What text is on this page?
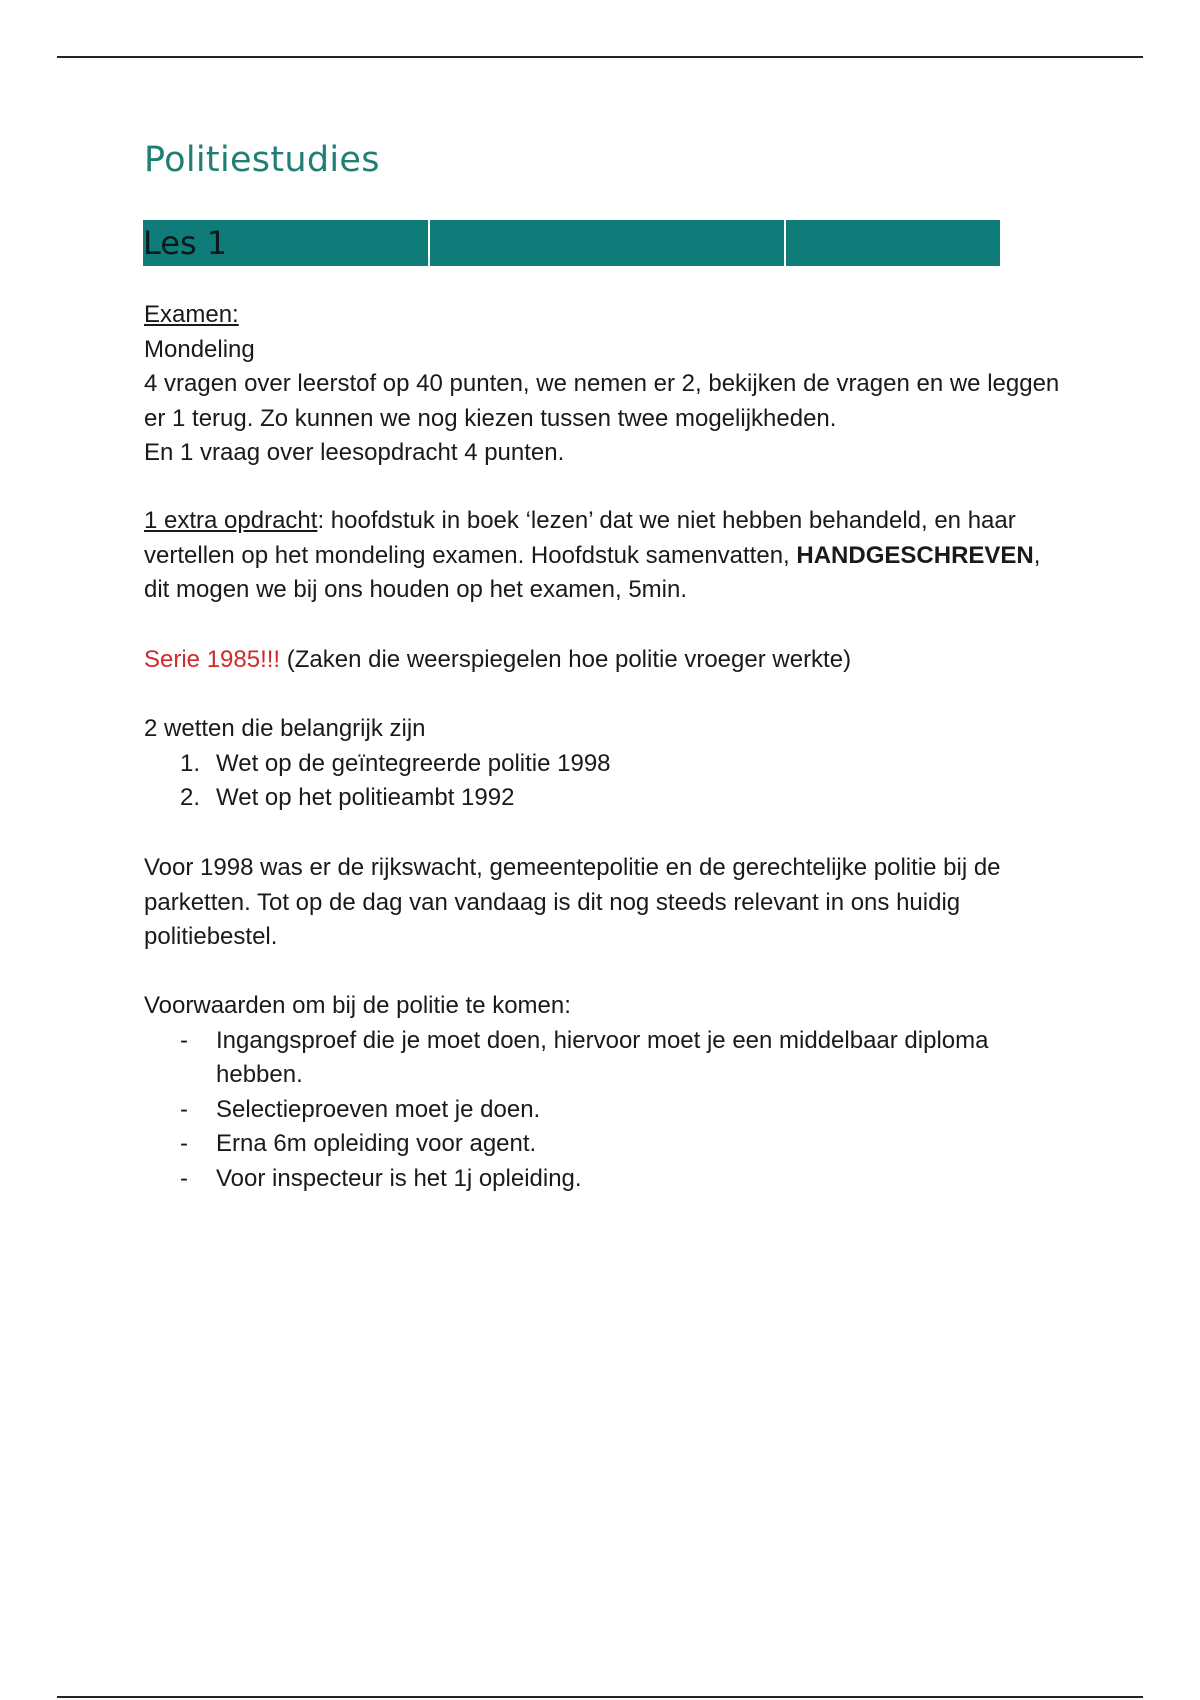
Politiestudies
Les 1

Examen:

Mondeling

4 vragen over leerstof op 40 punten, we nemen er 2, bekijken de vragen en we leggen er 1 terug. Zo kunnen we nog kiezen tussen twee mogelijkheden.

En 1 vraag over leesopdracht 4 punten.

1 extra opdracht: hoofdstuk in boek ‘lezen’ dat we niet hebben behandeld, en haar vertellen op het mondeling examen. Hoofdstuk samenvatten, HANDGESCHREVEN, dit mogen we bij ons houden op het examen, 5min.

Serie 1985!!! (Zaken die weerspiegelen hoe politie vroeger werkte)

2 wetten die belangrijk zijn

1. Wet op de geïntegreerde politie 1998
2. Wet op het politieambt 1992

Voor 1998 was er de rijkswacht, gemeentepolitie en de gerechtelijke politie bij de parketten. Tot op de dag van vandaag is dit nog steeds relevant in ons huidig politiebestel.

Voorwaarden om bij de politie te komen:

- Ingangsproef die je moet doen, hiervoor moet je een middelbaar diploma hebben.
- Selectieproeven moet je doen.
- Erna 6m opleiding voor agent.
- Voor inspecteur is het 1j opleiding.
